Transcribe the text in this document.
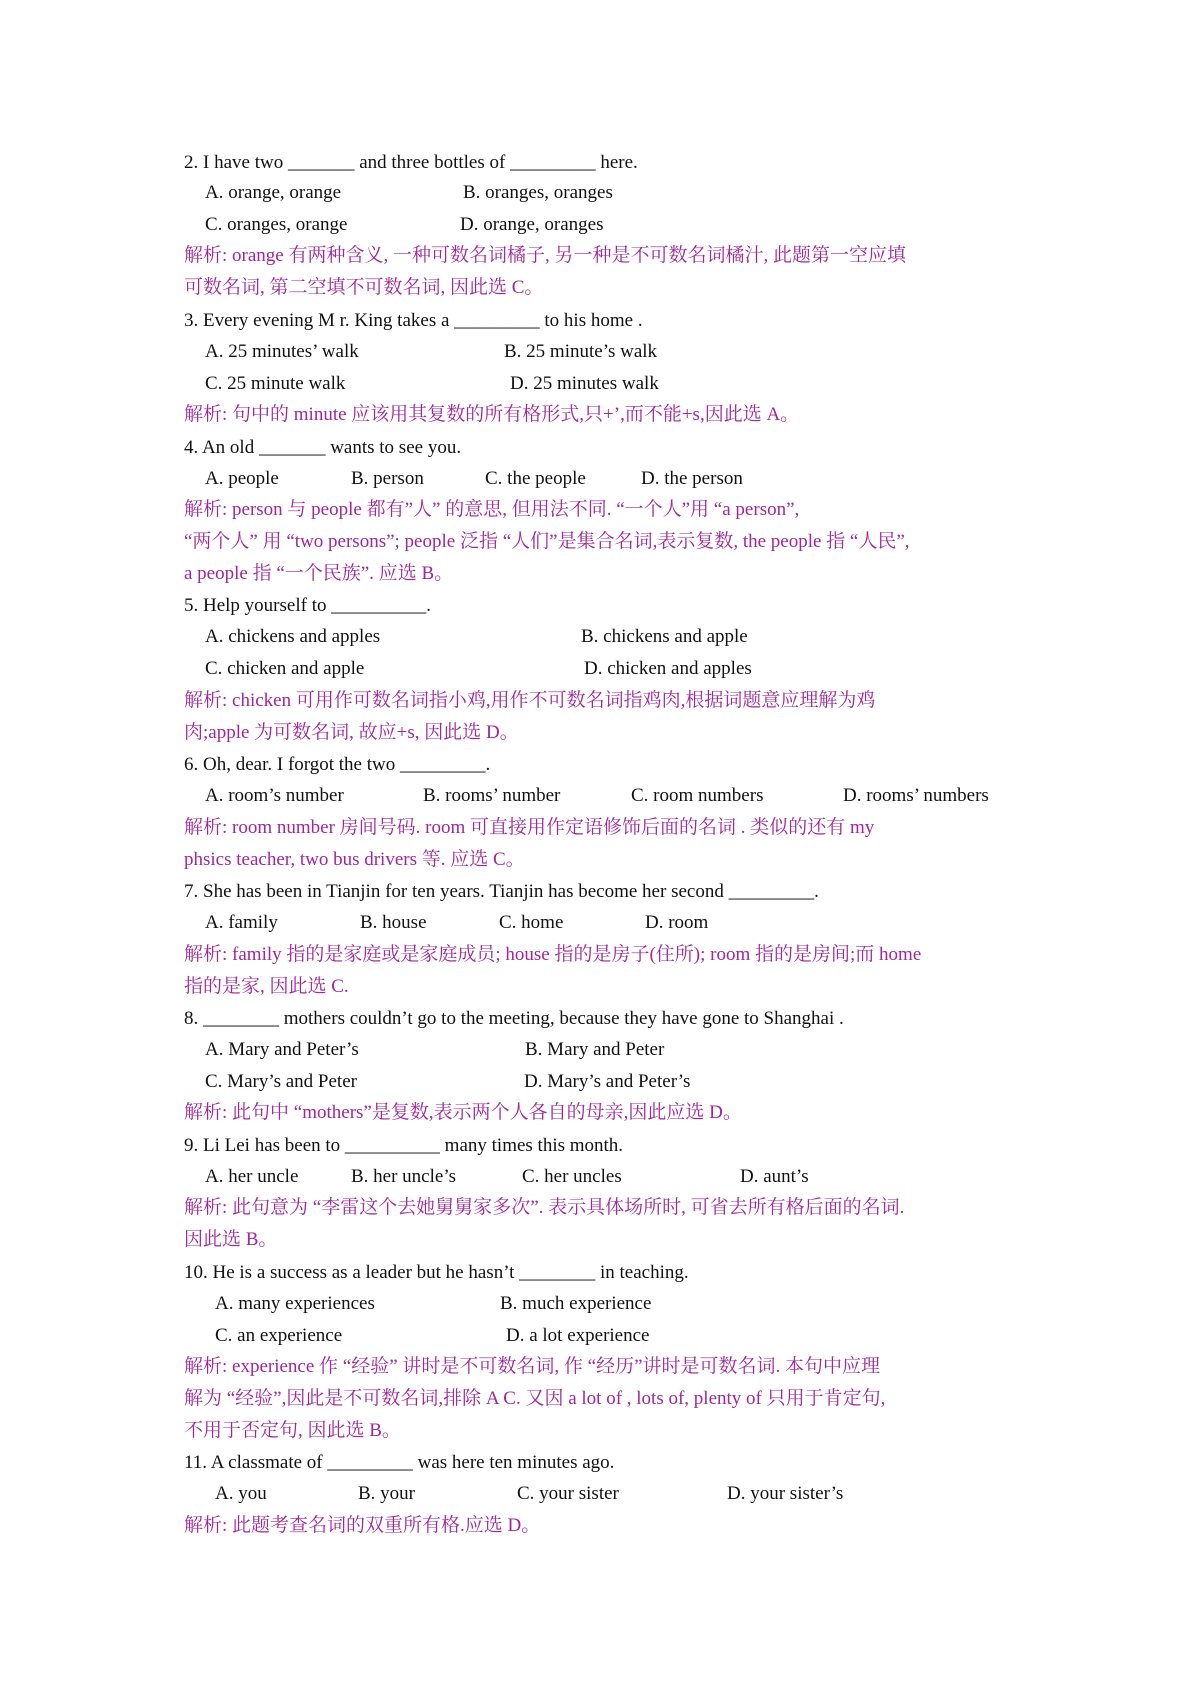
2. I have two _______ and three bottles of _________ here.
A. orange, orange	B. oranges, oranges
C. oranges, orange	D. orange, oranges
解析: orange 有两种含义, 一种可数名词橘子, 另一种是不可数名词橘汁, 此题第一空应填
可数名词, 第二空填不可数名词, 因此选 C。
3. Every evening M r. King takes a _________ to his home .
A. 25 minutes’ walk	B. 25 minute’s walk
C. 25 minute walk	D. 25 minutes walk
解析: 句中的 minute 应该用其复数的所有格形式,只+’,而不能+s,因此选 A。
4. An old _______ wants to see you.
A. people	B. person	C. the people	D. the person
解析: person 与 people 都有”人” 的意思, 但用法不同. “一个人”用 “a person”,
“两个人” 用 “two persons”; people 泛指 “人们”是集合名词,表示复数, the people 指 “人民”,
a people 指 “一个民族”. 应选 B。
5. Help yourself to __________.
A. chickens and apples	B. chickens and apple
C. chicken and apple	D. chicken and apples
解析: chicken 可用作可数名词指小鸡,用作不可数名词指鸡肉,根据词题意应理解为鸡
肉;apple 为可数名词, 故应+s, 因此选 D。
6. Oh, dear. I forgot the two _________.
A. room’s number	B. rooms’ number	C. room numbers	D. rooms’ numbers
解析: room number 房间号码. room 可直接用作定语修饰后面的名词 . 类似的还有 my
phsics teacher, two bus drivers 等. 应选 C。
7. She has been in Tianjin for ten years. Tianjin has become her second _________.
A. family	B. house	C. home	D. room
解析: family 指的是家庭或是家庭成员; house 指的是房子(住所); room 指的是房间;而 home
指的是家, 因此选 C.
8. ________ mothers couldn’t go to the meeting, because they have gone to Shanghai .
A. Mary and Peter’s	B. Mary and Peter
C. Mary’s and Peter	D. Mary’s and Peter’s
解析: 此句中 “mothers”是复数,表示两个人各自的母亲,因此应选 D。
9. Li Lei has been to __________ many times this month.
A. her uncle	B. her uncle’s	C. her uncles	D. aunt’s
解析: 此句意为 “李雷这个去她舅舅家多次”. 表示具体场所时, 可省去所有格后面的名词.
因此选 B。
10. He is a success as a leader but he hasn’t ________ in teaching.
A. many experiences	B. much experience
C. an experience	D. a lot experience
解析: experience 作 “经验” 讲时是不可数名词, 作 “经历”讲时是可数名词. 本句中应理
解为 “经验”,因此是不可数名词,排除 A C. 又因 a lot of , lots of, plenty of 只用于肯定句,
不用于否定句, 因此选 B。
11. A classmate of _________ was here ten minutes ago.
A. you	B. your	C. your sister	D. your sister’s
解析: 此题考查名词的双重所有格.应选 D。
